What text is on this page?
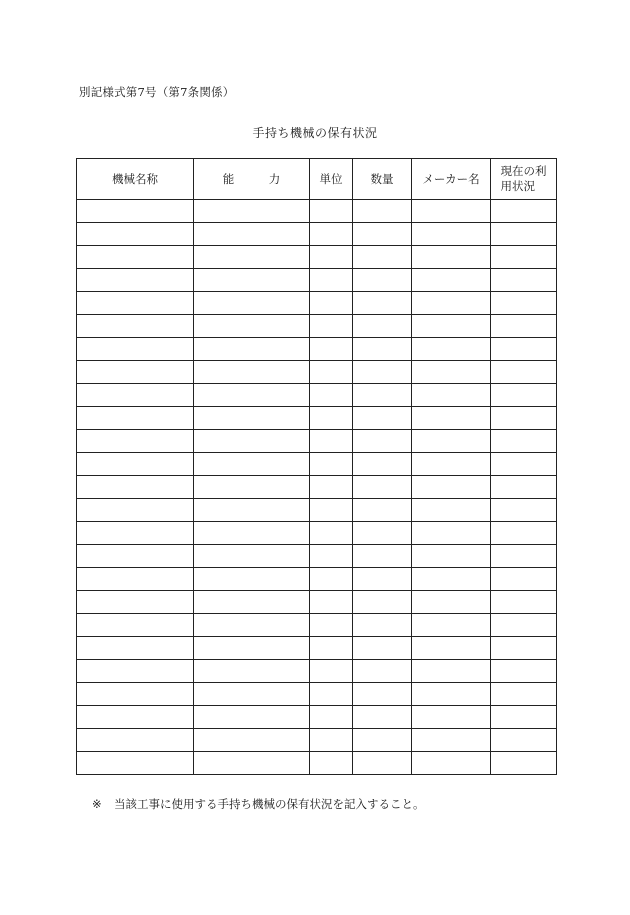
別記様式第7号（第7条関係）
手持ち機械の保有状況
機械名称	能　　　力	単位	数量	メーカー名	現在の利用状況

※ 当該工事に使用する手持ち機械の保有状況を記入すること。
